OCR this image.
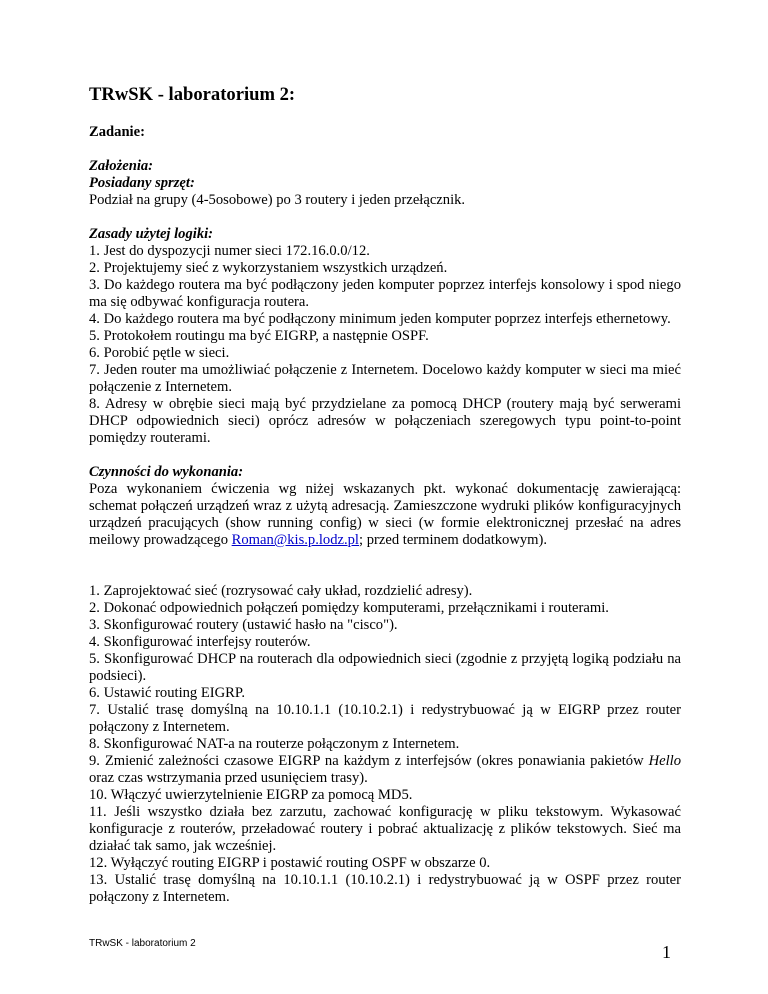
TRwSK - laboratorium 2:

Zadanie:

Założenia:

Posiadany sprzęt:

Podział na grupy (4-5osobowe) po 3 routery i jeden przełącznik.

Zasady użytej logiki:

1. Jest do dyspozycji numer sieci 172.16.0.0/12.

2. Projektujemy sieć z wykorzystaniem wszystkich urządzeń.

3. Do każdego routera ma być podłączony jeden komputer poprzez interfejs konsolowy i spod niego ma się odbywać konfiguracja routera.

4. Do każdego routera ma być podłączony minimum jeden komputer poprzez interfejs ethernetowy.

5. Protokołem routingu ma być EIGRP, a następnie OSPF.

6. Porobić pętle w sieci.

7. Jeden router ma umożliwiać połączenie z Internetem. Docelowo każdy komputer w sieci ma mieć połączenie z Internetem.

8. Adresy w obrębie sieci mają być przydzielane za pomocą DHCP (routery mają być serwerami DHCP odpowiednich sieci) oprócz adresów w połączeniach szeregowych typu point-to-point pomiędzy routerami.

Czynności do wykonania:

Poza wykonaniem ćwiczenia wg niżej wskazanych pkt. wykonać dokumentację zawierającą: schemat połączeń urządzeń wraz z użytą adresacją. Zamieszczone wydruki plików konfiguracyjnych urządzeń pracujących (show running config) w sieci (w formie elektronicznej przesłać na adres meilowy prowadzącego Roman@kis.p.lodz.pl; przed terminem dodatkowym).

1. Zaprojektować sieć (rozrysować cały układ, rozdzielić adresy).

2. Dokonać odpowiednich połączeń pomiędzy komputerami, przełącznikami i routerami.

3. Skonfigurować routery (ustawić hasło na "cisco").

4. Skonfigurować interfejsy routerów.

5. Skonfigurować DHCP na routerach dla odpowiednich sieci (zgodnie z przyjętą logiką podziału na podsieci).

6. Ustawić routing EIGRP.

7. Ustalić trasę domyślną na 10.10.1.1 (10.10.2.1) i redystrybuować ją w EIGRP przez router połączony z Internetem.

8. Skonfigurować NAT-a na routerze połączonym z Internetem.

9. Zmienić zależności czasowe EIGRP na każdym z interfejsów (okres ponawiania pakietów Hello oraz czas wstrzymania przed usunięciem trasy).

10. Włączyć uwierzytelnienie EIGRP za pomocą MD5.

11. Jeśli wszystko działa bez zarzutu, zachować konfigurację w pliku tekstowym. Wykasować konfiguracje z routerów, przeładować routery i pobrać aktualizację z plików tekstowych. Sieć ma działać tak samo, jak wcześniej.

12. Wyłączyć routing EIGRP i postawić routing OSPF w obszarze 0.

13. Ustalić trasę domyślną na 10.10.1.1 (10.10.2.1) i redystrybuować ją w OSPF przez router połączony z Internetem.

TRwSK - laboratorium 2	1
